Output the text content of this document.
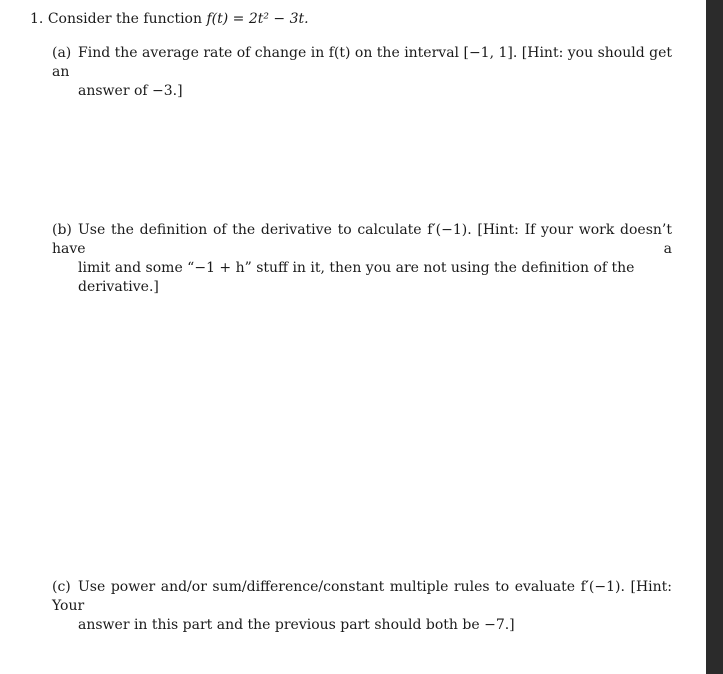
1. Consider the function f(t) = 2t² − 3t.
(a) Find the average rate of change in f(t) on the interval [−1, 1]. [Hint: you should get an
answer of −3.]
(b) Use the definition of the derivative to calculate f′(−1). [Hint: If your work doesn’t have a
limit and some “−1 + h” stuff in it, then you are not using the definition of the derivative.]
(c) Use power and/or sum/difference/constant multiple rules to evaluate f′(−1). [Hint: Your
answer in this part and the previous part should both be −7.]
